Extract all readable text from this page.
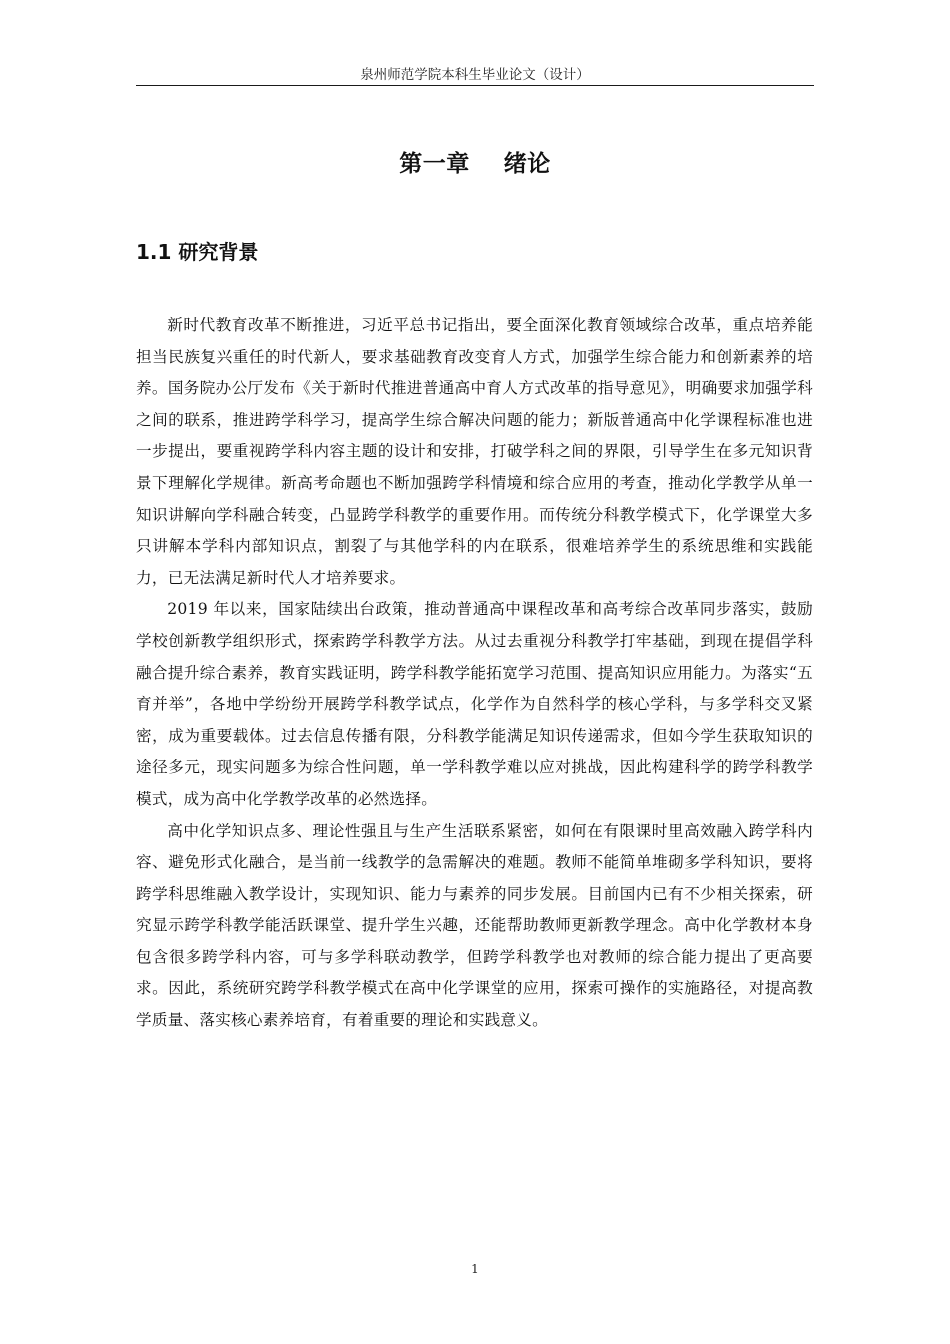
泉州师范学院本科生毕业论文（设计）
第一章    绪论
1.1 研究背景

新时代教育改革不断推进，习近平总书记指出，要全面深化教育领域综合改革，重点培养能担当民族复兴重任的时代新人，要求基础教育改变育人方式，加强学生综合能力和创新素养的培养。国务院办公厅发布《关于新时代推进普通高中育人方式改革的指导意见》，明确要求加强学科之间的联系，推进跨学科学习，提高学生综合解决问题的能力；新版普通高中化学课程标准也进一步提出，要重视跨学科内容主题的设计和安排，打破学科之间的界限，引导学生在多元知识背景下理解化学规律。新高考命题也不断加强跨学科情境和综合应用的考查，推动化学教学从单一知识讲解向学科融合转变，凸显跨学科教学的重要作用。而传统分科教学模式下，化学课堂大多只讲解本学科内部知识点，割裂了与其他学科的内在联系，很难培养学生的系统思维和实践能力，已无法满足新时代人才培养要求。

2019 年以来，国家陆续出台政策，推动普通高中课程改革和高考综合改革同步落实，鼓励学校创新教学组织形式，探索跨学科教学方法。从过去重视分科教学打牢基础，到现在提倡学科融合提升综合素养，教育实践证明，跨学科教学能拓宽学习范围、提高知识应用能力。为落实“五育并举”，各地中学纷纷开展跨学科教学试点，化学作为自然科学的核心学科，与多学科交叉紧密，成为重要载体。过去信息传播有限，分科教学能满足知识传递需求，但如今学生获取知识的途径多元，现实问题多为综合性问题，单一学科教学难以应对挑战，因此构建科学的跨学科教学模式，成为高中化学教学改革的必然选择。

高中化学知识点多、理论性强且与生产生活联系紧密，如何在有限课时里高效融入跨学科内容、避免形式化融合，是当前一线教学的急需解决的难题。教师不能简单堆砌多学科知识，要将跨学科思维融入教学设计，实现知识、能力与素养的同步发展。目前国内已有不少相关探索，研究显示跨学科教学能活跃课堂、提升学生兴趣，还能帮助教师更新教学理念。高中化学教材本身包含很多跨学科内容，可与多学科联动教学，但跨学科教学也对教师的综合能力提出了更高要求。因此，系统研究跨学科教学模式在高中化学课堂的应用，探索可操作的实施路径，对提高教学质量、落实核心素养培育，有着重要的理论和实践意义。

1
